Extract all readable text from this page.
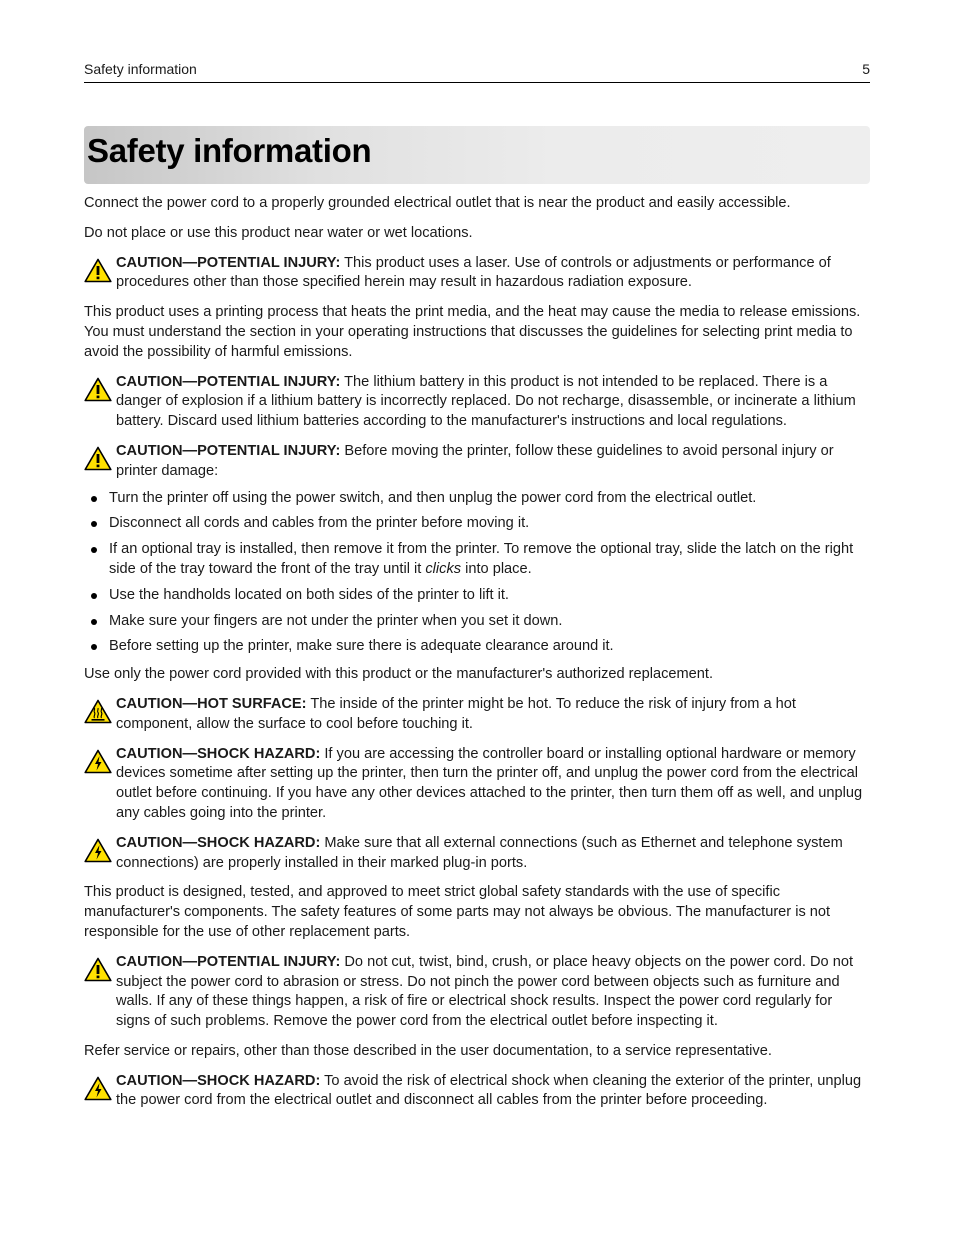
Safety information	5
Safety information

Connect the power cord to a properly grounded electrical outlet that is near the product and easily accessible.

Do not place or use this product near water or wet locations.

CAUTION—POTENTIAL INJURY: This product uses a laser. Use of controls or adjustments or performance of procedures other than those specified herein may result in hazardous radiation exposure.

This product uses a printing process that heats the print media, and the heat may cause the media to release emissions. You must understand the section in your operating instructions that discusses the guidelines for selecting print media to avoid the possibility of harmful emissions.

CAUTION—POTENTIAL INJURY: The lithium battery in this product is not intended to be replaced. There is a danger of explosion if a lithium battery is incorrectly replaced. Do not recharge, disassemble, or incinerate a lithium battery. Discard used lithium batteries according to the manufacturer's instructions and local regulations.
CAUTION—POTENTIAL INJURY: Before moving the printer, follow these guidelines to avoid personal injury or printer damage:
Turn the printer off using the power switch, and then unplug the power cord from the electrical outlet.
Disconnect all cords and cables from the printer before moving it.
If an optional tray is installed, then remove it from the printer. To remove the optional tray, slide the latch on the right side of the tray toward the front of the tray until it clicks into place.
Use the handholds located on both sides of the printer to lift it.
Make sure your fingers are not under the printer when you set it down.
Before setting up the printer, make sure there is adequate clearance around it.

Use only the power cord provided with this product or the manufacturer's authorized replacement.

CAUTION—HOT SURFACE: The inside of the printer might be hot. To reduce the risk of injury from a hot component, allow the surface to cool before touching it.
CAUTION—SHOCK HAZARD: If you are accessing the controller board or installing optional hardware or memory devices sometime after setting up the printer, then turn the printer off, and unplug the power cord from the electrical outlet before continuing. If you have any other devices attached to the printer, then turn them off as well, and unplug any cables going into the printer.
CAUTION—SHOCK HAZARD: Make sure that all external connections (such as Ethernet and telephone system connections) are properly installed in their marked plug-in ports.

This product is designed, tested, and approved to meet strict global safety standards with the use of specific manufacturer's components. The safety features of some parts may not always be obvious. The manufacturer is not responsible for the use of other replacement parts.

CAUTION—POTENTIAL INJURY: Do not cut, twist, bind, crush, or place heavy objects on the power cord. Do not subject the power cord to abrasion or stress. Do not pinch the power cord between objects such as furniture and walls. If any of these things happen, a risk of fire or electrical shock results. Inspect the power cord regularly for signs of such problems. Remove the power cord from the electrical outlet before inspecting it.

Refer service or repairs, other than those described in the user documentation, to a service representative.

CAUTION—SHOCK HAZARD: To avoid the risk of electrical shock when cleaning the exterior of the printer, unplug the power cord from the electrical outlet and disconnect all cables from the printer before proceeding.
